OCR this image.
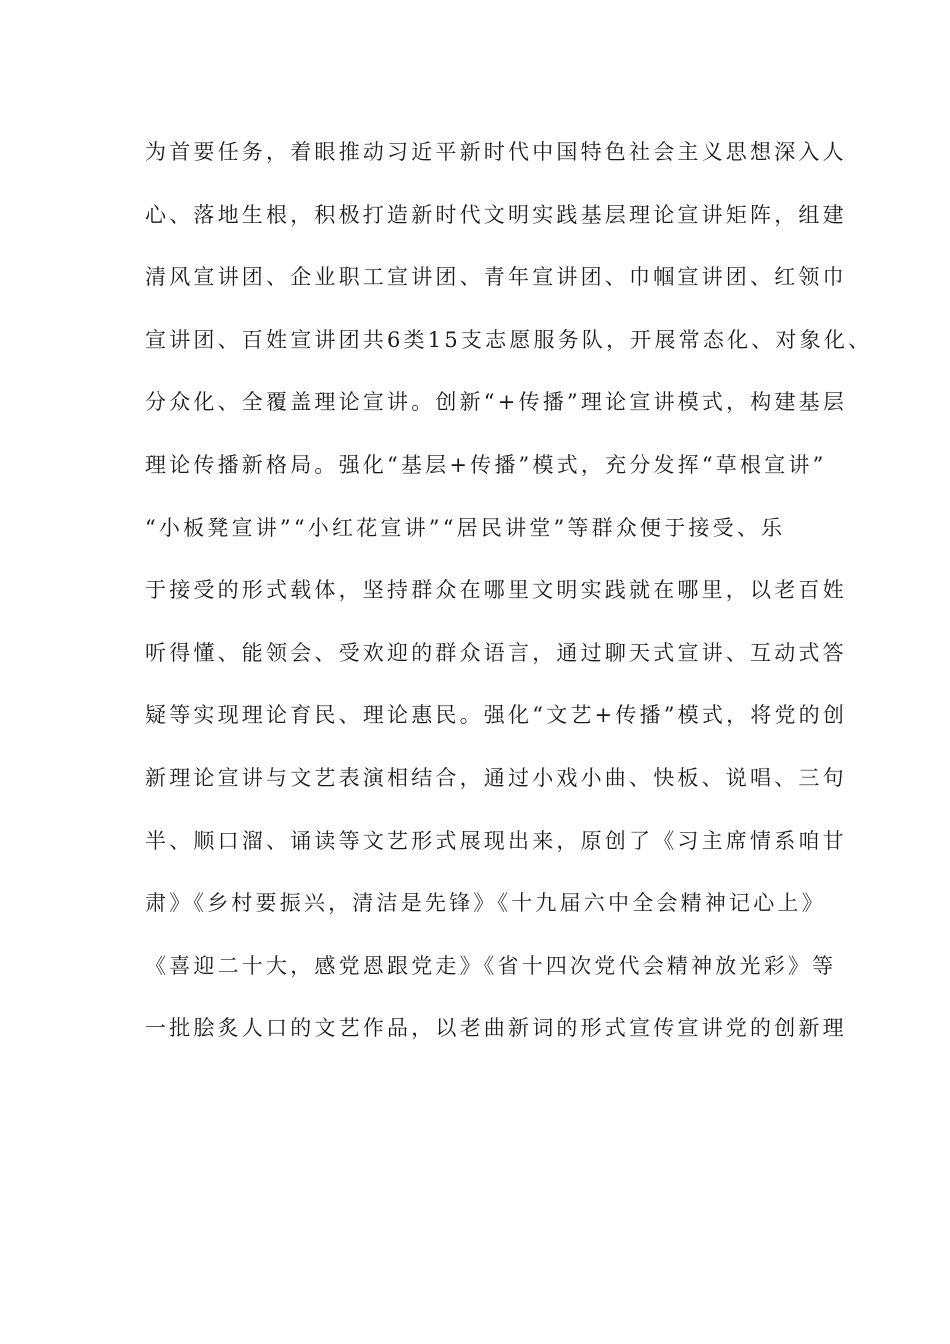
为首要任务，着眼推动习近平新时代中国特色社会主义思想深入人
心、落地生根，积极打造新时代文明实践基层理论宣讲矩阵，组建
清风宣讲团、企业职工宣讲团、青年宣讲团、巾帼宣讲团、红领巾
宣讲团、百姓宣讲团共6类15支志愿服务队，开展常态化、对象化、
分众化、全覆盖理论宣讲。创新“+传播”理论宣讲模式，构建基层
理论传播新格局。强化“基层+传播”模式，充分发挥“草根宣讲”
“小板凳宣讲”“小红花宣讲”“居民讲堂”等群众便于接受、乐
于接受的形式载体，坚持群众在哪里文明实践就在哪里，以老百姓
听得懂、能领会、受欢迎的群众语言，通过聊天式宣讲、互动式答
疑等实现理论育民、理论惠民。强化“文艺+传播”模式，将党的创
新理论宣讲与文艺表演相结合，通过小戏小曲、快板、说唱、三句
半、顺口溜、诵读等文艺形式展现出来，原创了《习主席情系咱甘
肃》《乡村要振兴，清洁是先锋》《十九届六中全会精神记心上》
《喜迎二十大，感党恩跟党走》《省十四次党代会精神放光彩》等
一批脍炙人口的文艺作品，以老曲新词的形式宣传宣讲党的创新理
